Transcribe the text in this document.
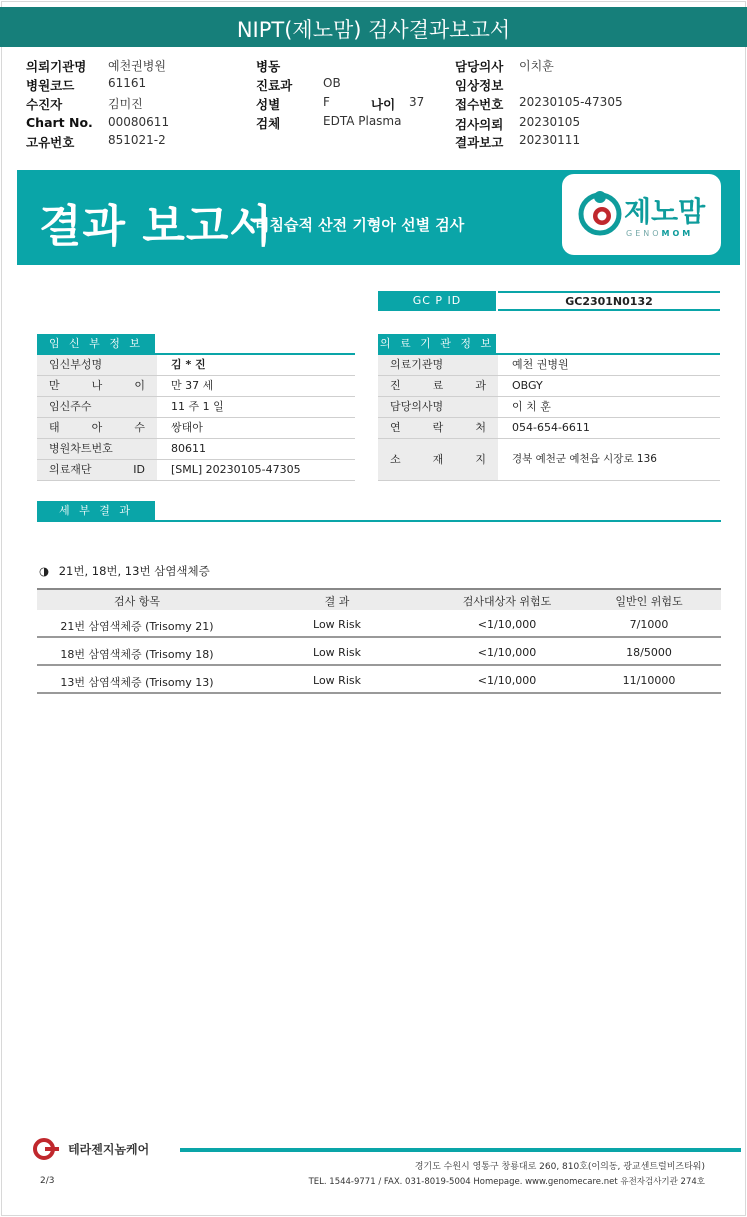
NIPT(제노맘) 검사결과보고서
의뢰기관명 예천권병원
병원코드	61161
수진자	김미진
Chart No. 00080611
고유번호	851021-2
병동
진료과	OB
성별	F	나이 37
검체	EDTA Plasma
담당의사 이치훈
임상정보
접수번호 20230105-47305
검사의뢰 20230105
결과보고 20230111
결과 보고서
비침습적 산전 기형아 선별 검사	제노맘
GENOMOM
GC P ID	GC2301N0132
임 신 부 정 보
임신부성명	김 * 진
만 나 이	만 37 세
임신주수	11 주 1 일
태 아 수	쌍태아
병원차트번호	80611
의료재단 ID	[SML] 20230105-47305
의 료 기 관 정 보
의료기관명	예천 권병원
진 료 과	OBGY
담당의사명	이 치 훈
연 락 처	054-654-6611
소 재 지	경북 예천군 예천읍 시장로 136
세 부 결 과
◑ 21번, 18번, 13번 삼염색체증
검사 항목	결 과	검사대상자 위험도	일반인 위험도
21번 삼염색체증 (Trisomy 21)	Low Risk	<1/10,000	7/1000
18번 삼염색체증 (Trisomy 18)	Low Risk	<1/10,000	18/5000
13번 삼염색체증 (Trisomy 13)	Low Risk	<1/10,000	11/10000
테라젠지놈케어
경기도 수원시 영통구 창룡대로 260, 810호(이의동, 광교센트럴비즈타워)
TEL. 1544-9771 / FAX. 031-8019-5004 Homepage. www.genomecare.net 유전자검사기관 274호
2/3
